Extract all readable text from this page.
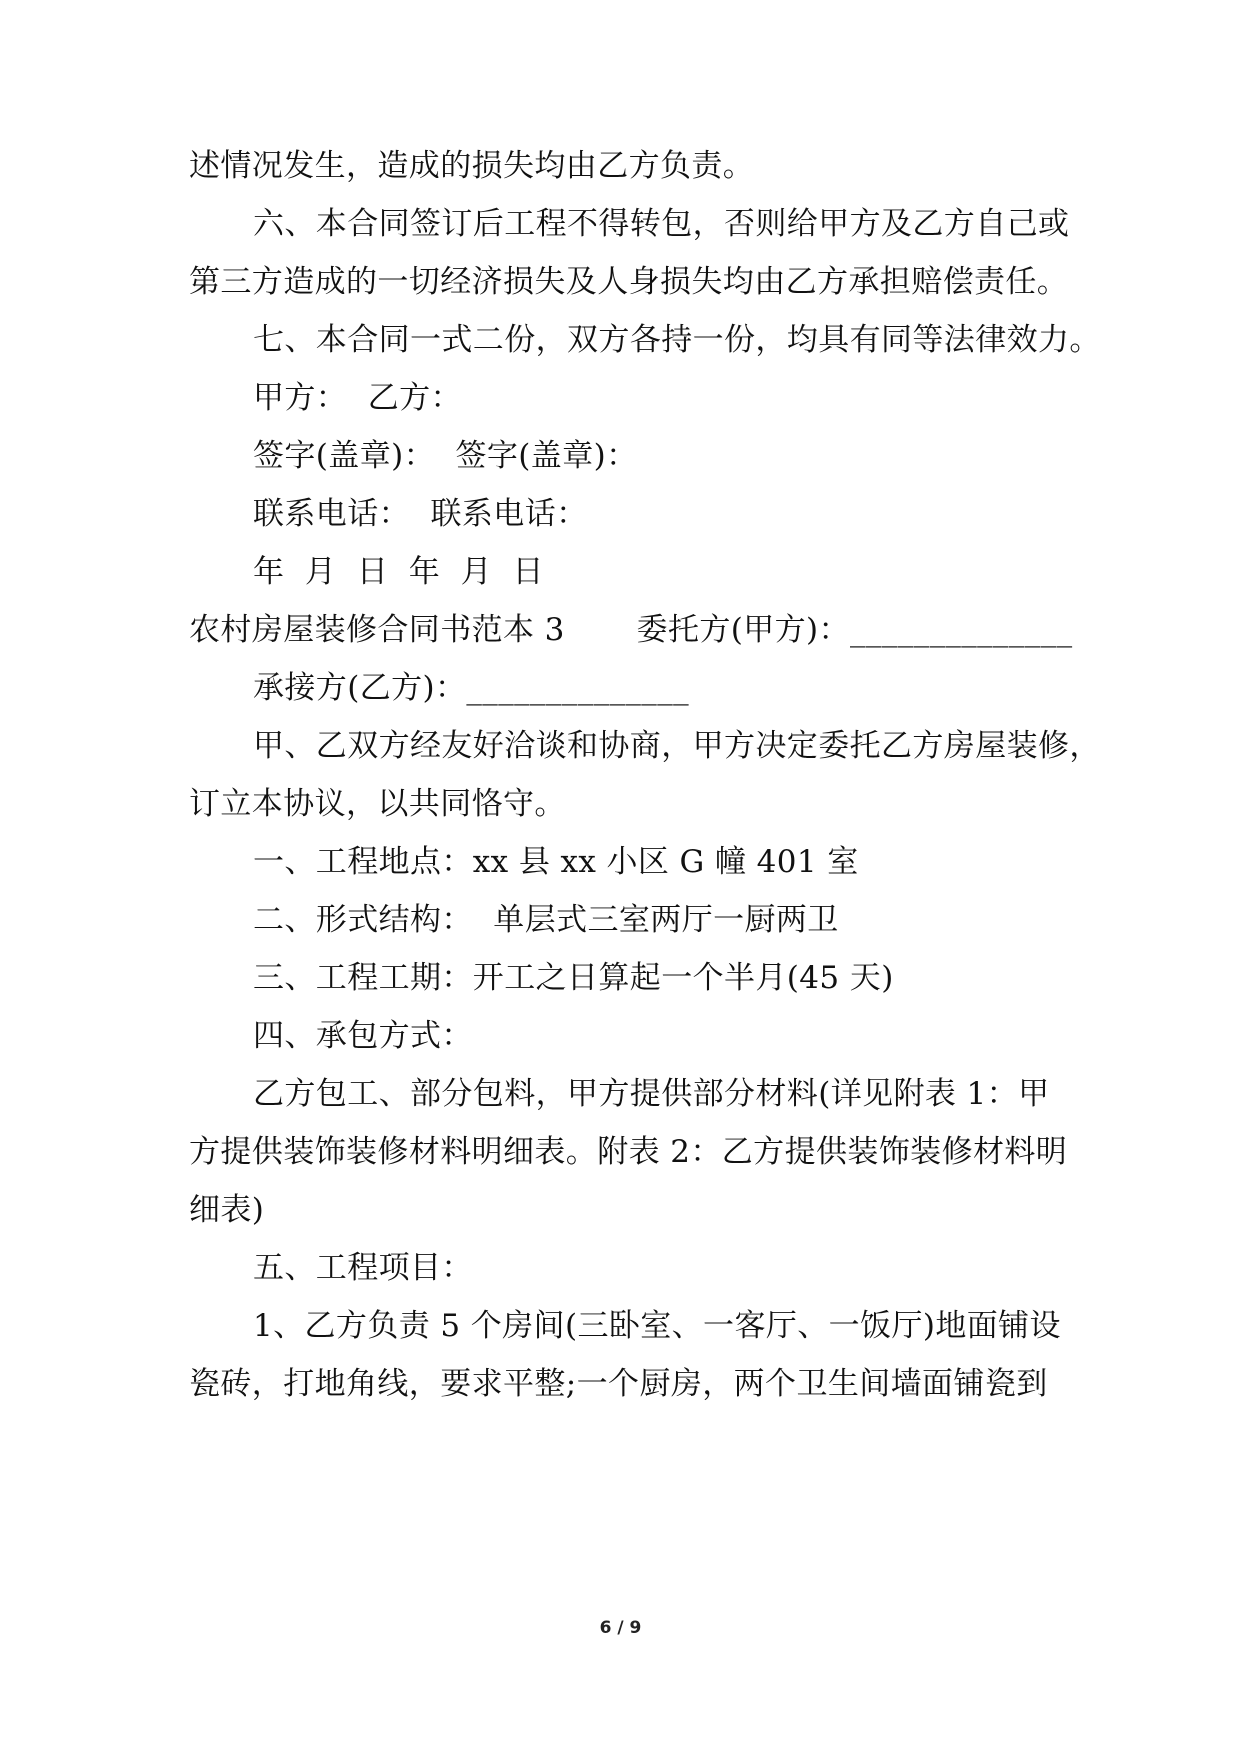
述情况发生，造成的损失均由乙方负责。
六、本合同签订后工程不得转包，否则给甲方及乙方自己或
第三方造成的一切经济损失及人身损失均由乙方承担赔偿责任。
七、本合同一式二份，双方各持一份，均具有同等法律效力。
甲方：  乙方：
签字(盖章)：  签字(盖章)：
联系电话：  联系电话：
年  月  日  年  月  日
农村房屋装修合同书范本 3       委托方(甲方)：______________
承接方(乙方)：______________
甲、乙双方经友好洽谈和协商，甲方决定委托乙方房屋装修，
订立本协议，以共同恪守。
一、工程地点：xx 县 xx 小区 G 幢 401 室
二、形式结构：  单层式三室两厅一厨两卫
三、工程工期：开工之日算起一个半月(45 天)
四、承包方式：
乙方包工、部分包料，甲方提供部分材料(详见附表 1：甲
方提供装饰装修材料明细表。附表 2：乙方提供装饰装修材料明
细表)
五、工程项目：
1、乙方负责 5 个房间(三卧室、一客厅、一饭厅)地面铺设
瓷砖，打地角线，要求平整;一个厨房，两个卫生间墙面铺瓷到
6 / 9
